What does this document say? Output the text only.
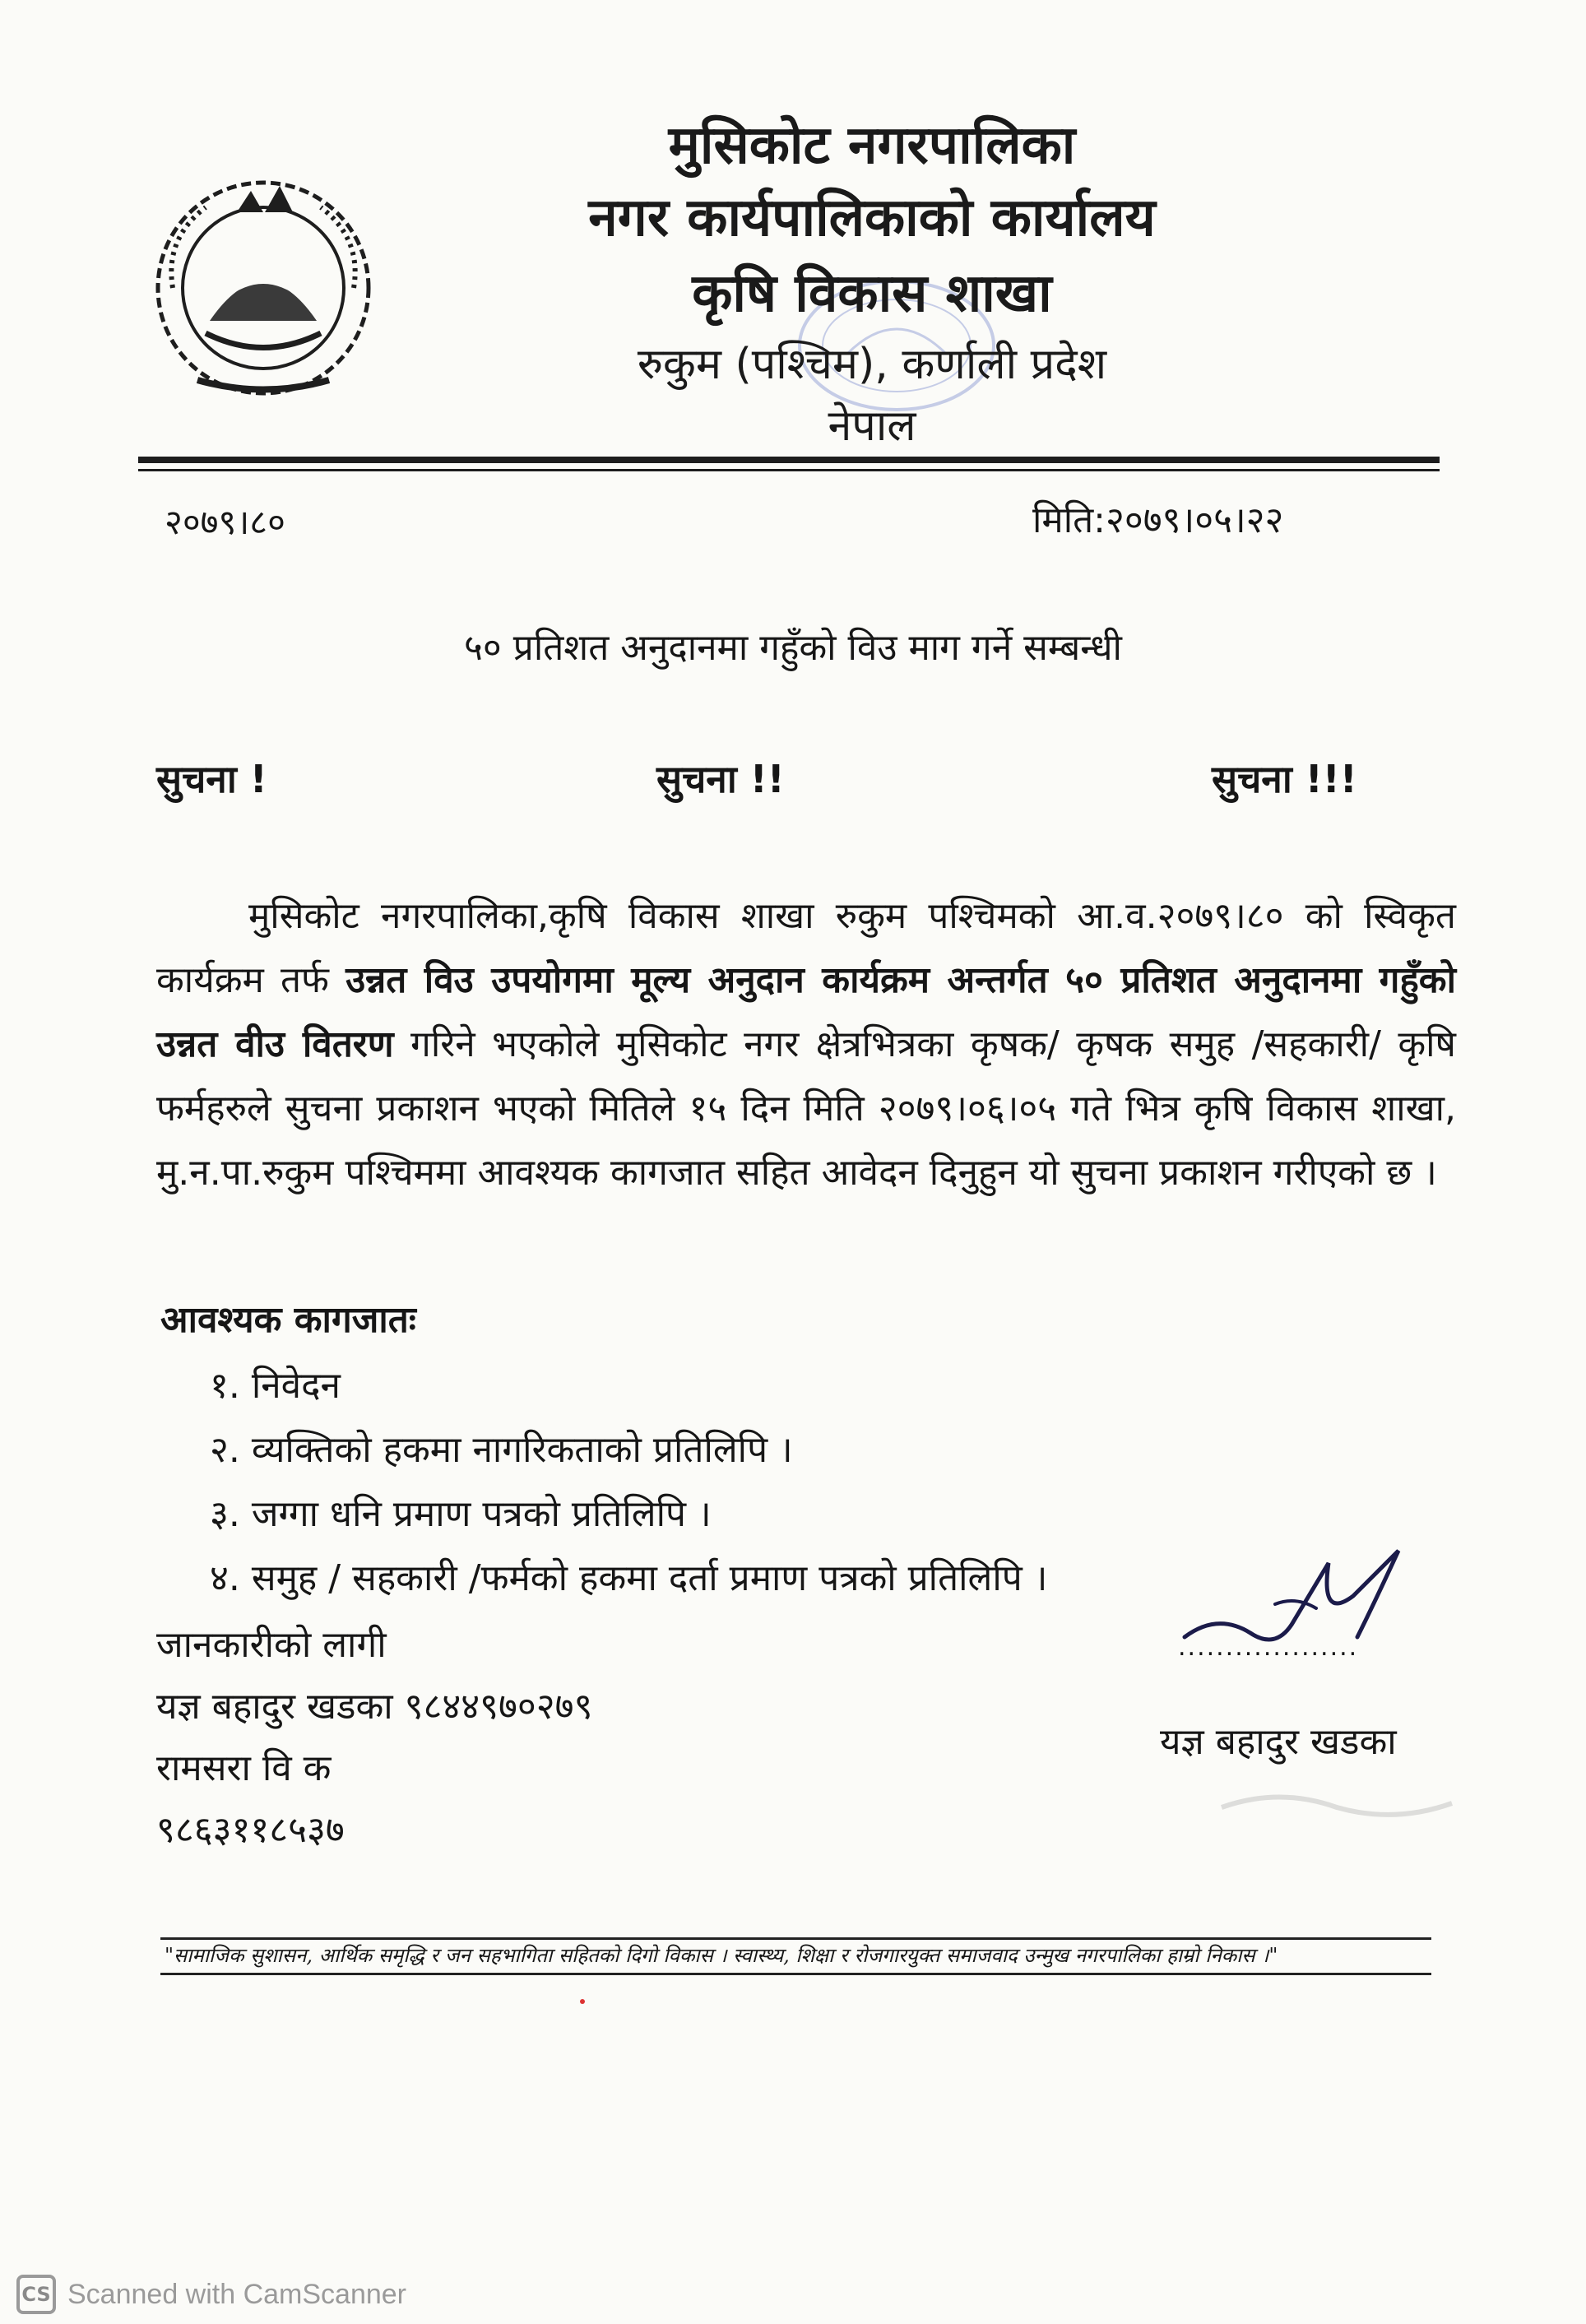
मुसिकोट नगरपालिका
नगर कार्यपालिकाको कार्यालय
कृषि विकास शाखा
रुकुम (पश्चिम), कर्णाली प्रदेश
नेपाल
२०७९।८०	मिति:२०७९।०५।२२
५० प्रतिशत अनुदानमा गहुँको विउ माग गर्ने सम्बन्धी
सुचना !	सुचना !!	सुचना !!!

मुसिकोट नगरपालिका,कृषि विकास शाखा रुकुम पश्चिमको आ.व.२०७९।८० को स्विकृत कार्यक्रम तर्फ उन्नत विउ उपयोगमा मूल्य अनुदान कार्यक्रम अन्तर्गत ५० प्रतिशत अनुदानमा गहुँको उन्नत वीउ वितरण गरिने भएकोले मुसिकोट नगर क्षेत्रभित्रका कृषक/ कृषक समुह /सहकारी/ कृषि फर्महरुले सुचना प्रकाशन भएको मितिले १५ दिन मिति २०७९।०६।०५ गते भित्र कृषि विकास शाखा, मु.न.पा.रुकुम पश्चिममा आवश्यक कागजात सहित आवेदन दिनुहुन यो सुचना प्रकाशन गरीएको छ ।

आवश्यक कागजातः
१. निवेदन
२. व्यक्तिको हकमा नागरिकताको प्रतिलिपि ।
३. जग्गा धनि प्रमाण पत्रको प्रतिलिपि ।
४. समुह / सहकारी /फर्मको हकमा दर्ता प्रमाण पत्रको प्रतिलिपि ।
जानकारीको लागी
यज्ञ बहादुर खडका ९८४४९७०२७९
रामसरा वि क
९८६३११८५३७
...................
यज्ञ बहादुर खडका
"सामाजिक सुशासन, आर्थिक समृद्धि र जन सहभागिता सहितको दिगो विकास । स्वास्थ्य, शिक्षा र रोजगारयुक्त समाजवाद उन्मुख नगरपालिका हाम्रो निकास ।"
CS Scanned with CamScanner
